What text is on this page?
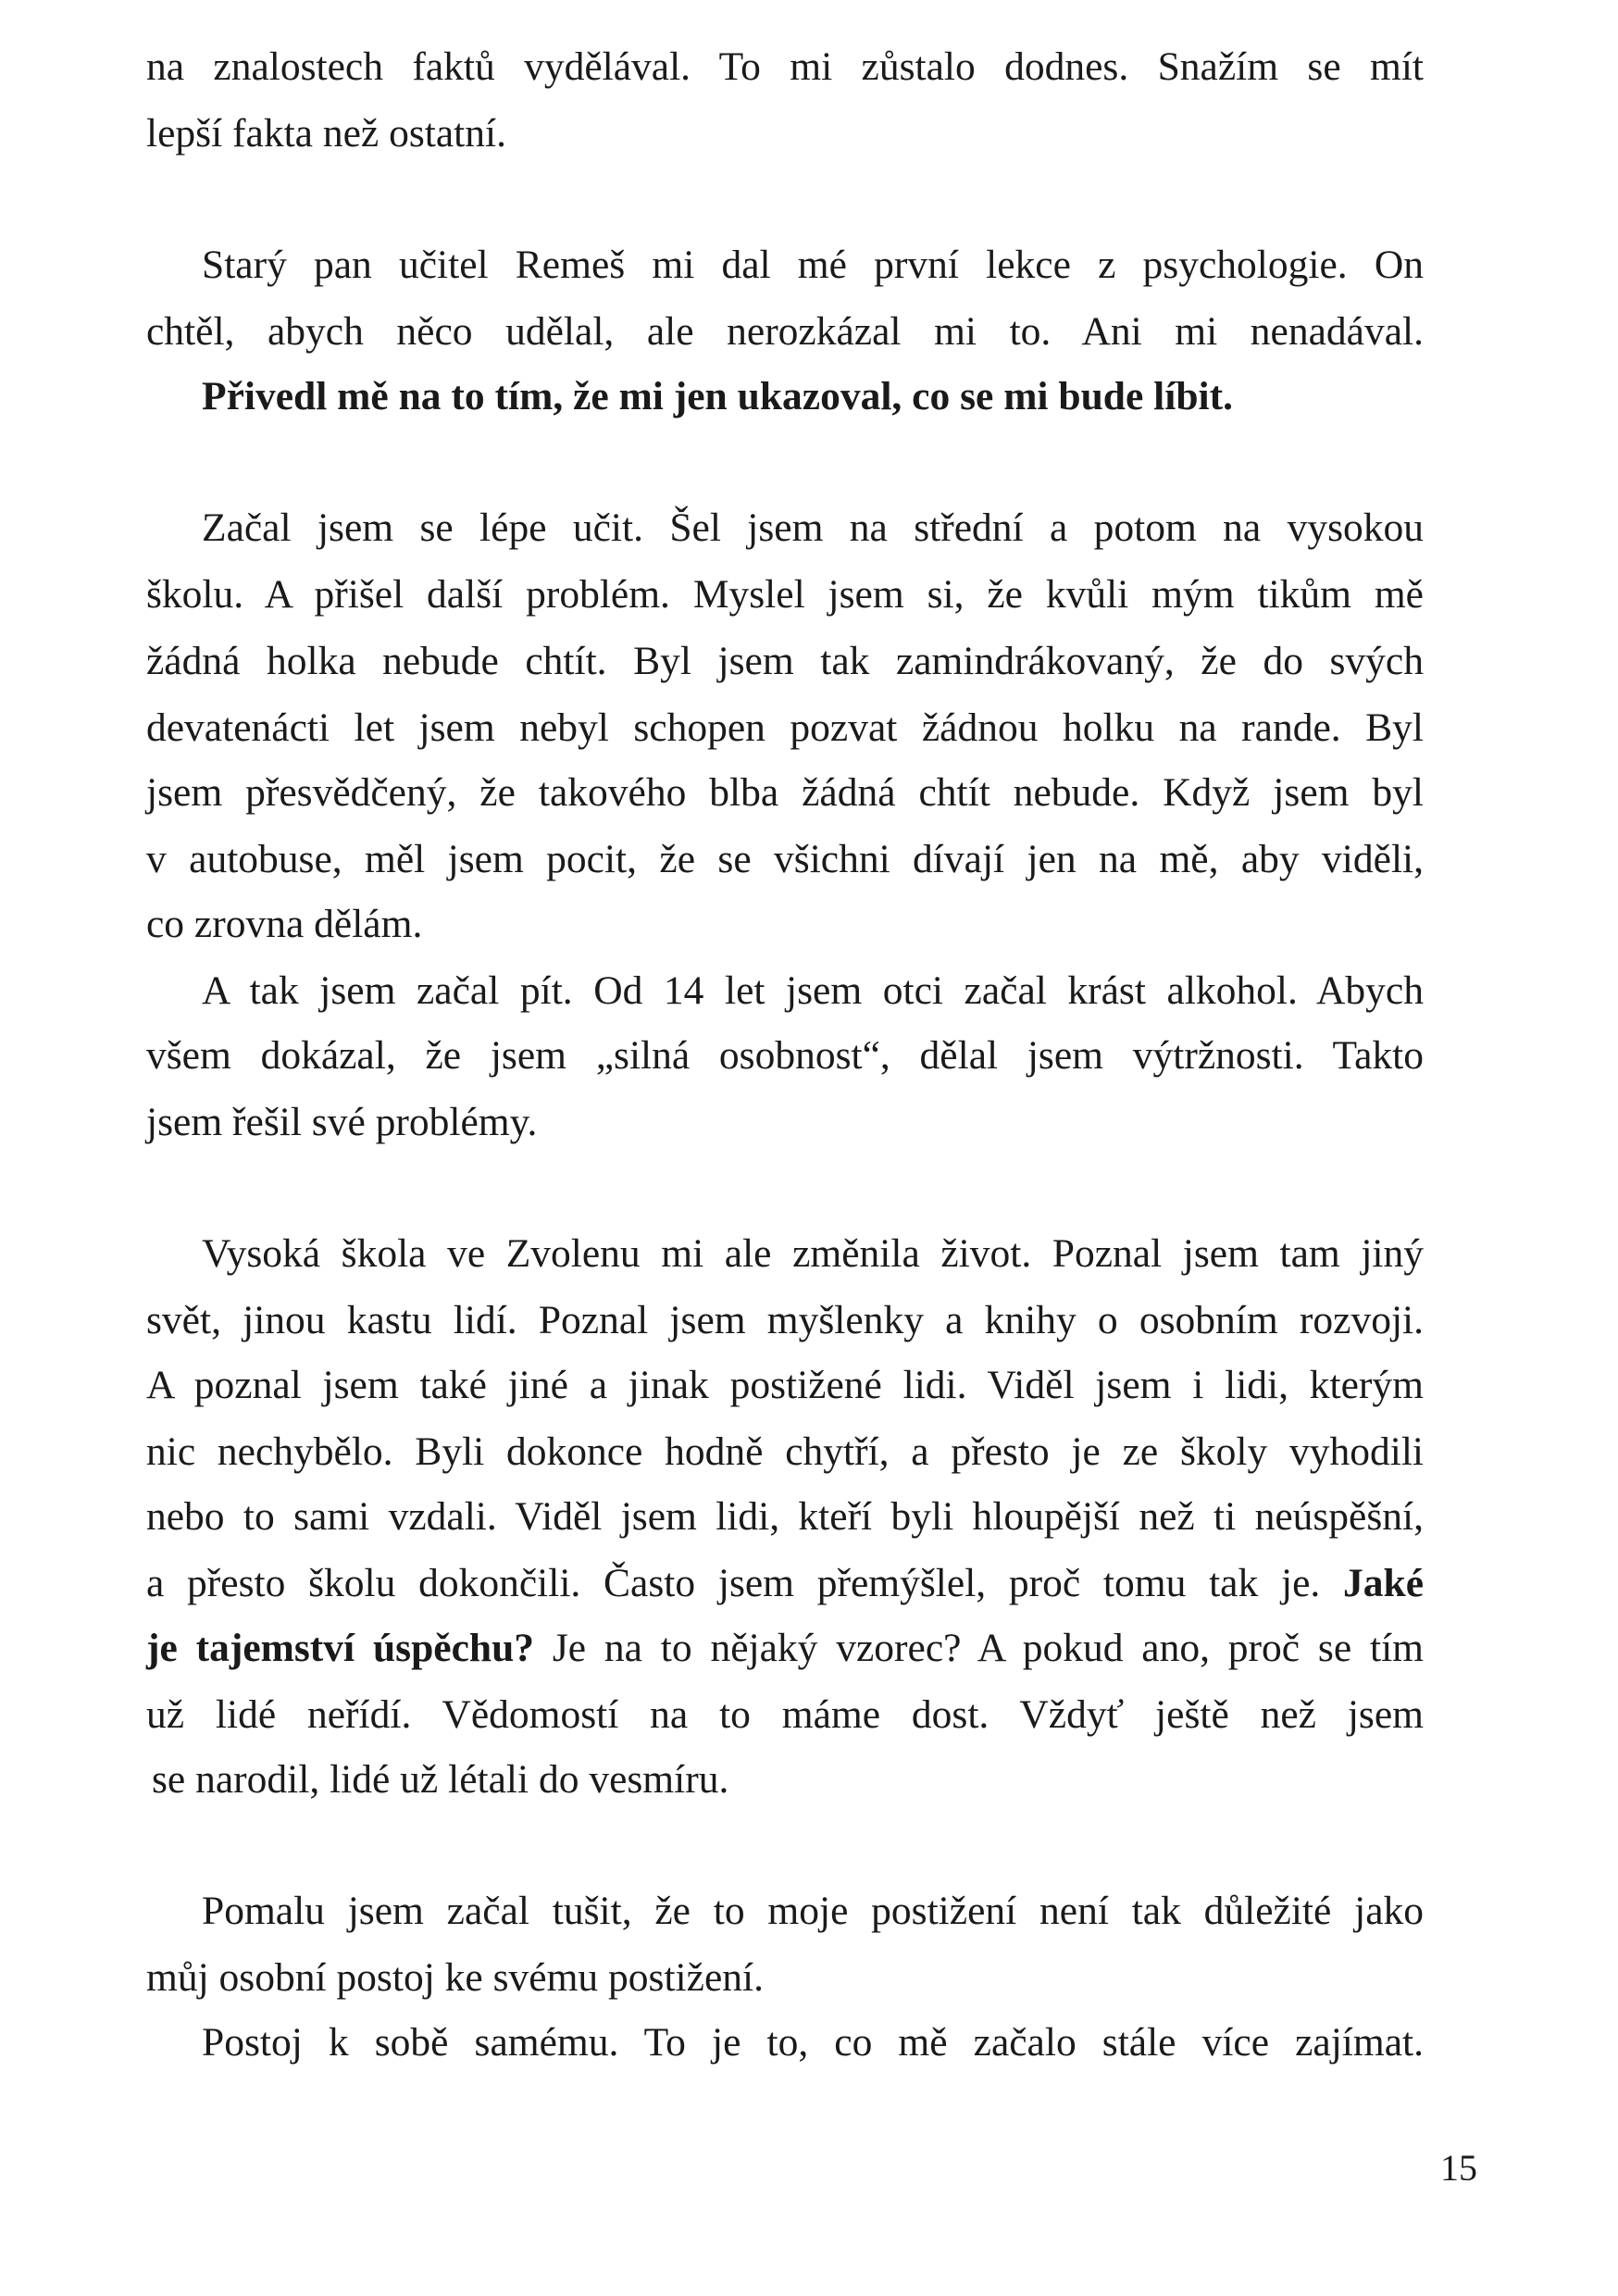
na znalostech faktů vydělával. To mi zůstalo dodnes. Snažím se mít
lepší fakta než ostatní.
Starý pan učitel Remeš mi dal mé první lekce z psychologie. On
chtěl, abych něco udělal, ale nerozkázal mi to. Ani mi nenadával.
Přivedl mě na to tím, že mi jen ukazoval, co se mi bude líbit.
Začal jsem se lépe učit. Šel jsem na střední a potom na vysokou
školu. A přišel další problém. Myslel jsem si, že kvůli mým tikům mě
žádná holka nebude chtít. Byl jsem tak zamindrákovaný, že do svých
devatenácti let jsem nebyl schopen pozvat žádnou holku na rande. Byl
jsem přesvědčený, že takového blba žádná chtít nebude. Když jsem byl
v autobuse, měl jsem pocit, že se všichni dívají jen na mě, aby viděli,
co zrovna dělám.
A tak jsem začal pít. Od 14 let jsem otci začal krást alkohol. Abych
všem dokázal, že jsem „silná osobnost“, dělal jsem výtržnosti. Takto
jsem řešil své problémy.
Vysoká škola ve Zvolenu mi ale změnila život. Poznal jsem tam jiný
svět, jinou kastu lidí. Poznal jsem myšlenky a knihy o osobním rozvoji.
A poznal jsem také jiné a jinak postižené lidi. Viděl jsem i lidi, kterým
nic nechybělo. Byli dokonce hodně chytří, a přesto je ze školy vyhodili
nebo to sami vzdali. Viděl jsem lidi, kteří byli hloupější než ti neúspěšní,
a přesto školu dokončili. Často jsem přemýšlel, proč tomu tak je. Jaké
je tajemství úspěchu? Je na to nějaký vzorec? A pokud ano, proč se tím
už lidé neřídí. Vědomostí na to máme dost. Vždyť ještě než jsem
se narodil, lidé už létali do vesmíru.
Pomalu jsem začal tušit, že to moje postižení není tak důležité jako
můj osobní postoj ke svému postižení.
Postoj k sobě samému. To je to, co mě začalo stále více zajímat.
15
